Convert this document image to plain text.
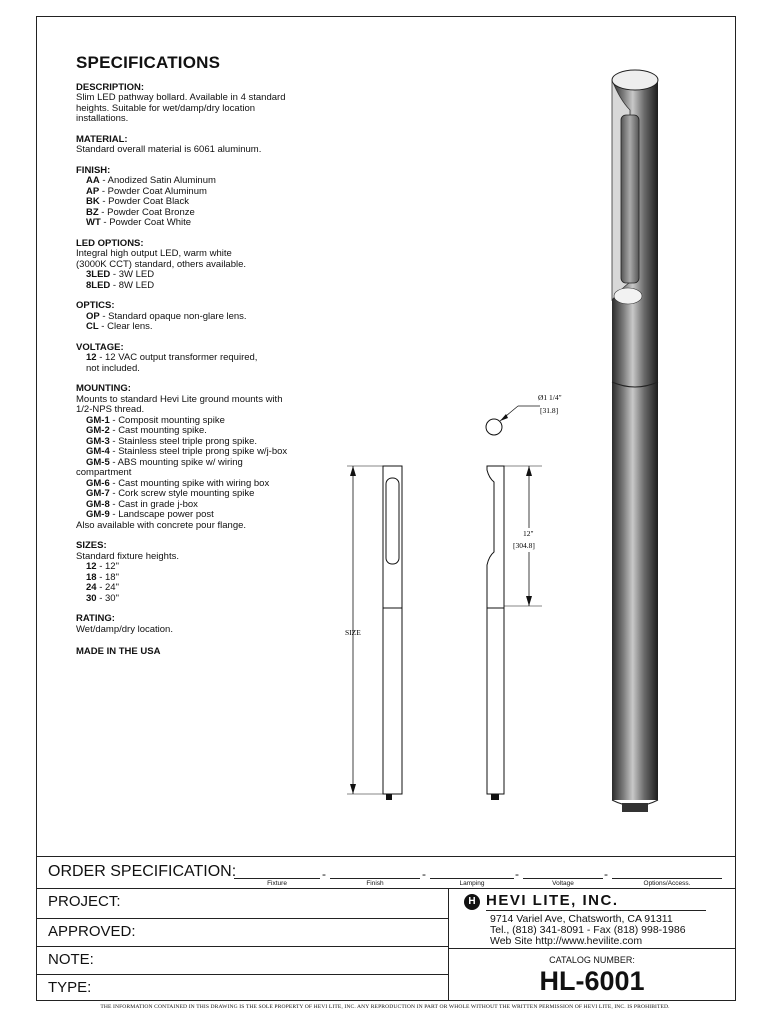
SPECIFICATIONS
DESCRIPTION:
Slim LED pathway bollard. Available in 4 standard
heights. Suitable for wet/damp/dry location
installations.
MATERIAL:
Standard overall material is 6061 aluminum.
FINISH:
AA - Anodized Satin Aluminum
AP - Powder Coat Aluminum
BK - Powder Coat Black
BZ - Powder Coat Bronze
WT - Powder Coat White
LED OPTIONS:
Integral high output LED, warm white
(3000K CCT) standard, others available.
3LED - 3W LED
8LED - 8W LED
OPTICS:
OP - Standard opaque non-glare lens.
CL - Clear lens.
VOLTAGE:
12 - 12 VAC output transformer required,
not included.
MOUNTING:
Mounts to standard Hevi Lite ground mounts with
1/2-NPS thread.
GM-1 - Composit mounting spike
GM-2 - Cast mounting spike.
GM-3 - Stainless steel triple prong spike.
GM-4 - Stainless steel triple prong spike w/j-box
GM-5 - ABS mounting spike w/ wiring
compartment
GM-6 - Cast mounting spike with wiring box
GM-7 - Cork screw style mounting spike
GM-8 - Cast in grade j-box
GM-9 - Landscape power post
Also available with concrete pour flange.
SIZES:
Standard fixture heights.
12 - 12"
18 - 18"
24 - 24"
30 - 30"
RATING:
Wet/damp/dry location.
MADE IN THE USA
SIZE
12"
[304.8]
Ø1 1/4"
[31.8]
ORDER SPECIFICATION:	-	-	-	-
Fixture	Finish	Lamping	Voltage	Options/Access.
PROJECT:
APPROVED:
NOTE:
TYPE:
H HEVI LITE, INC.
9714 Variel Ave, Chatsworth, CA 91311
Tel., (818) 341-8091 - Fax (818) 998-1986
Web Site http://www.hevilite.com
CATALOG NUMBER:
HL-6001
THE INFORMATION CONTAINED IN THIS DRAWING IS THE SOLE PROPERTY OF HEVI LITE, INC. ANY REPRODUCTION IN PART OR WHOLE WITHOUT THE WRITTEN PERMISSION OF HEVI LITE, INC. IS PROHIBITED.
